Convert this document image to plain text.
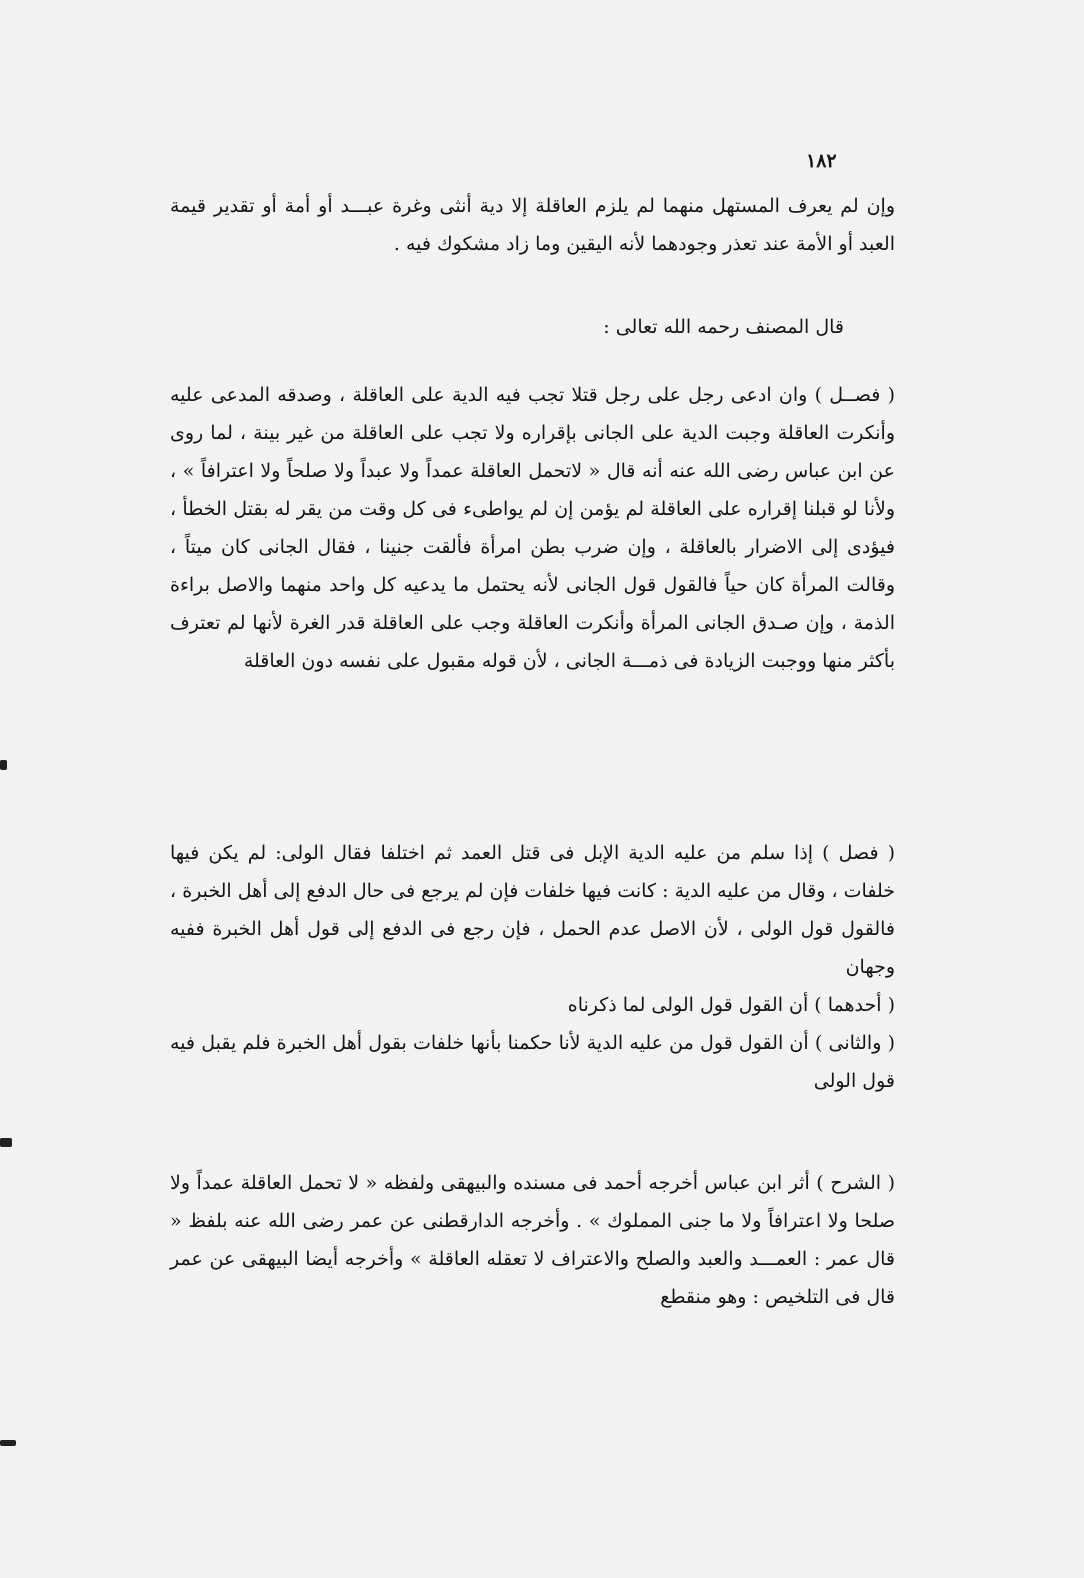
١٨٢

وإن لم يعرف المستهل منهما لم يلزم العاقلة إلا دية أنثى وغرة عبـــد أو أمة أو تقدير قيمة العبد أو الأمة عند تعذر وجودهما لأنه اليقين وما زاد مشكوك فيه .

قال المصنف رحمه الله تعالى :

( فصــل ) وان ادعى رجل على رجل قتلا تجب فيه الدية على العاقلة ، وصدقه المدعى عليه وأنكرت العاقلة وجبت الدية على الجانى بإقراره ولا تجب على العاقلة من غير بينة ، لما روى عن ابن عباس رضى الله عنه أنه قال « لاتحمل العاقلة عمداً ولا عبداً ولا صلحاً ولا اعترافاً » ، ولأنا لو قبلنا إقراره على العاقلة لم يؤمن إن لم يواطىء فى كل وقت من يقر له بقتل الخطأ ، فيؤدى إلى الاضرار بالعاقلة ، وإن ضرب بطن امرأة فألقت جنينا ، فقال الجانى كان ميتاً ، وقالت المرأة كان حياً فالقول قول الجانى لأنه يحتمل ما يدعيه كل واحد منهما والاصل براءة الذمة ، وإن صـدق الجانى المرأة وأنكرت العاقلة وجب على العاقلة قدر الغرة لأنها لم تعترف بأكثر منها ووجبت الزيادة فى ذمـــة الجانى ، لأن قوله مقبول على نفسه دون العاقلة

( فصل ) إذا سلم من عليه الدية الإبل فى قتل العمد ثم اختلفا فقال الولى: لم يكن فيها خلفات ، وقال من عليه الدية : كانت فيها خلفات فإن لم يرجع فى حال الدفع إلى أهل الخبرة ، فالقول قول الولى ، لأن الاصل عدم الحمل ، فإن رجع فى الدفع إلى قول أهل الخبرة ففيه وجهان

( أحدهما ) أن القول قول الولى لما ذكرناه

( والثانى ) أن القول قول من عليه الدية لأنا حكمنا بأنها خلفات بقول أهل الخبرة فلم يقبل فيه قول الولى

( الشرح ) أثر ابن عباس أخرجه أحمد فى مسنده والبيهقى ولفظه « لا تحمل العاقلة عمداً ولا صلحا ولا اعترافاً ولا ما جنى المملوك » . وأخرجه الدارقطنى عن عمر رضى الله عنه بلفظ « قال عمر : العمـــد والعبد والصلح والاعتراف لا تعقله العاقلة » وأخرجه أيضا البيهقى عن عمر قال فى التلخيص : وهو منقطع
